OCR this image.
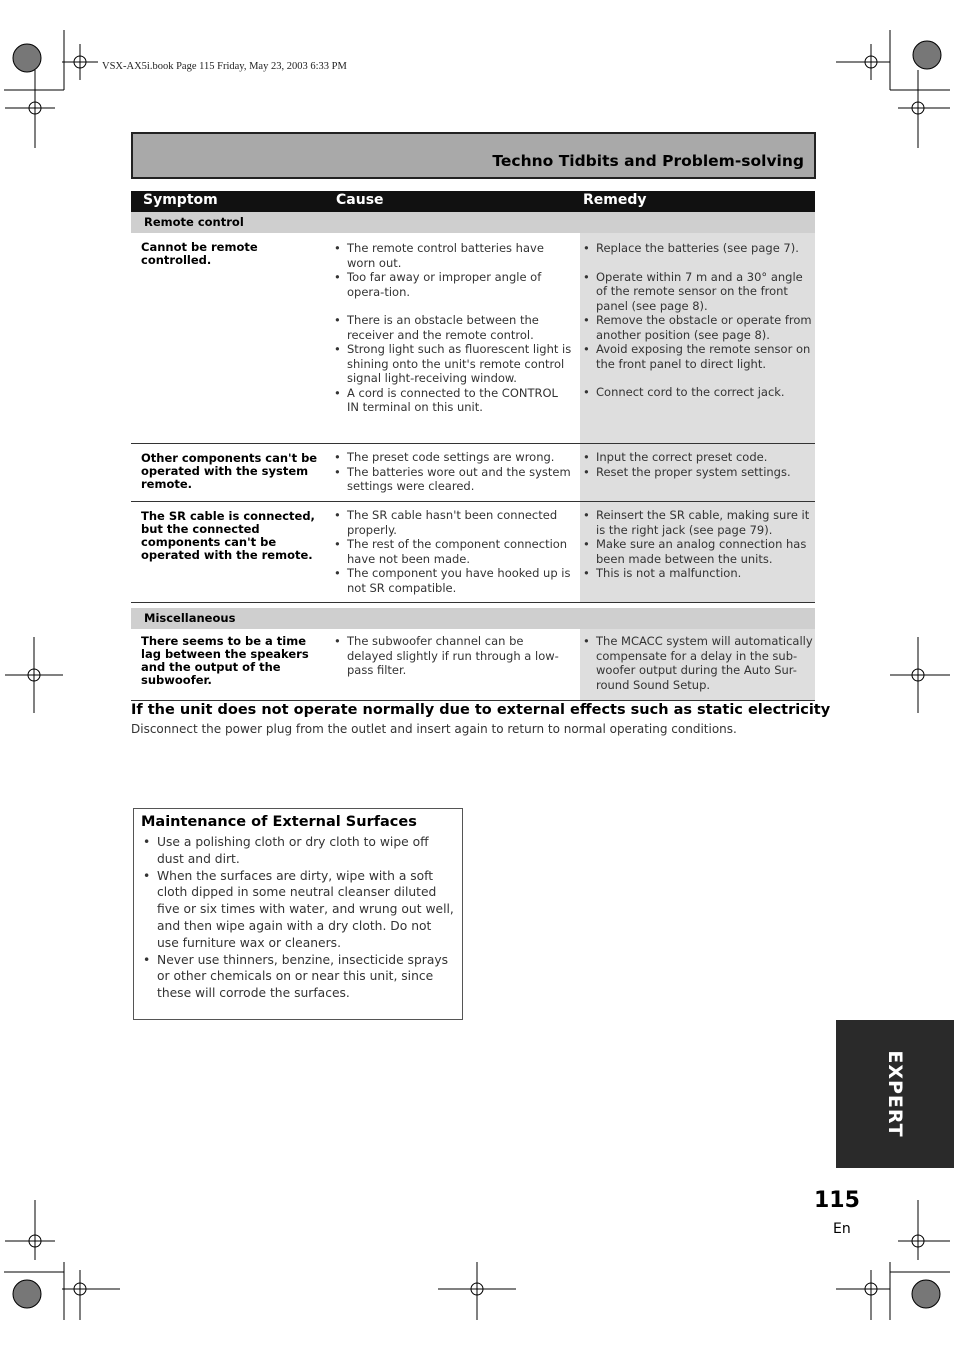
VSX-AX5i.book Page 115 Friday, May 23, 2003 6:33 PM
Techno Tidbits and Problem-solving
Symptom	Cause	Remedy
Remote control
Cannot be remote controlled.
• The remote control batteries have worn out.
• Too far away or improper angle of opera-tion.
• There is an obstacle between the receiver and the remote control.
• Strong light such as fluorescent light is shining onto the unit's remote control signal light-receiving window.
• A cord is connected to the CONTROL IN terminal on this unit.
• Replace the batteries (see page 7).
• Operate within 7 m and a 30° angle of the remote sensor on the front panel (see page 8).
• Remove the obstacle or operate from another position (see page 8).
• Avoid exposing the remote sensor on the front panel to direct light.
• Connect cord to the correct jack.
Other components can't be operated with the system remote.
• The preset code settings are wrong.
• The batteries wore out and the system settings were cleared.
• Input the correct preset code.
• Reset the proper system settings.
The SR cable is connected, but the connected components can't be operated with the remote.
• The SR cable hasn't been connected properly.
• The rest of the component connection have not been made.
• The component you have hooked up is not SR compatible.
• Reinsert the SR cable, making sure it is the right jack (see page 79).
• Make sure an analog connection has been made between the units.
• This is not a malfunction.
Miscellaneous
There seems to be a time lag between the speakers and the output of the subwoofer.
• The subwoofer channel can be delayed slightly if run through a low-pass filter.
• The MCACC system will automatically compensate for a delay in the sub-woofer output during the Auto Sur-round Sound Setup.
If the unit does not operate normally due to external effects such as static electricity
Disconnect the power plug from the outlet and insert again to return to normal operating conditions.
Maintenance of External Surfaces
• Use a polishing cloth or dry cloth to wipe off dust and dirt.
• When the surfaces are dirty, wipe with a soft cloth dipped in some neutral cleanser diluted five or six times with water, and wrung out well, and then wipe again with a dry cloth. Do not use furniture wax or cleaners.
• Never use thinners, benzine, insecticide sprays or other chemicals on or near this unit, since these will corrode the surfaces.
EXPERT
115
En
